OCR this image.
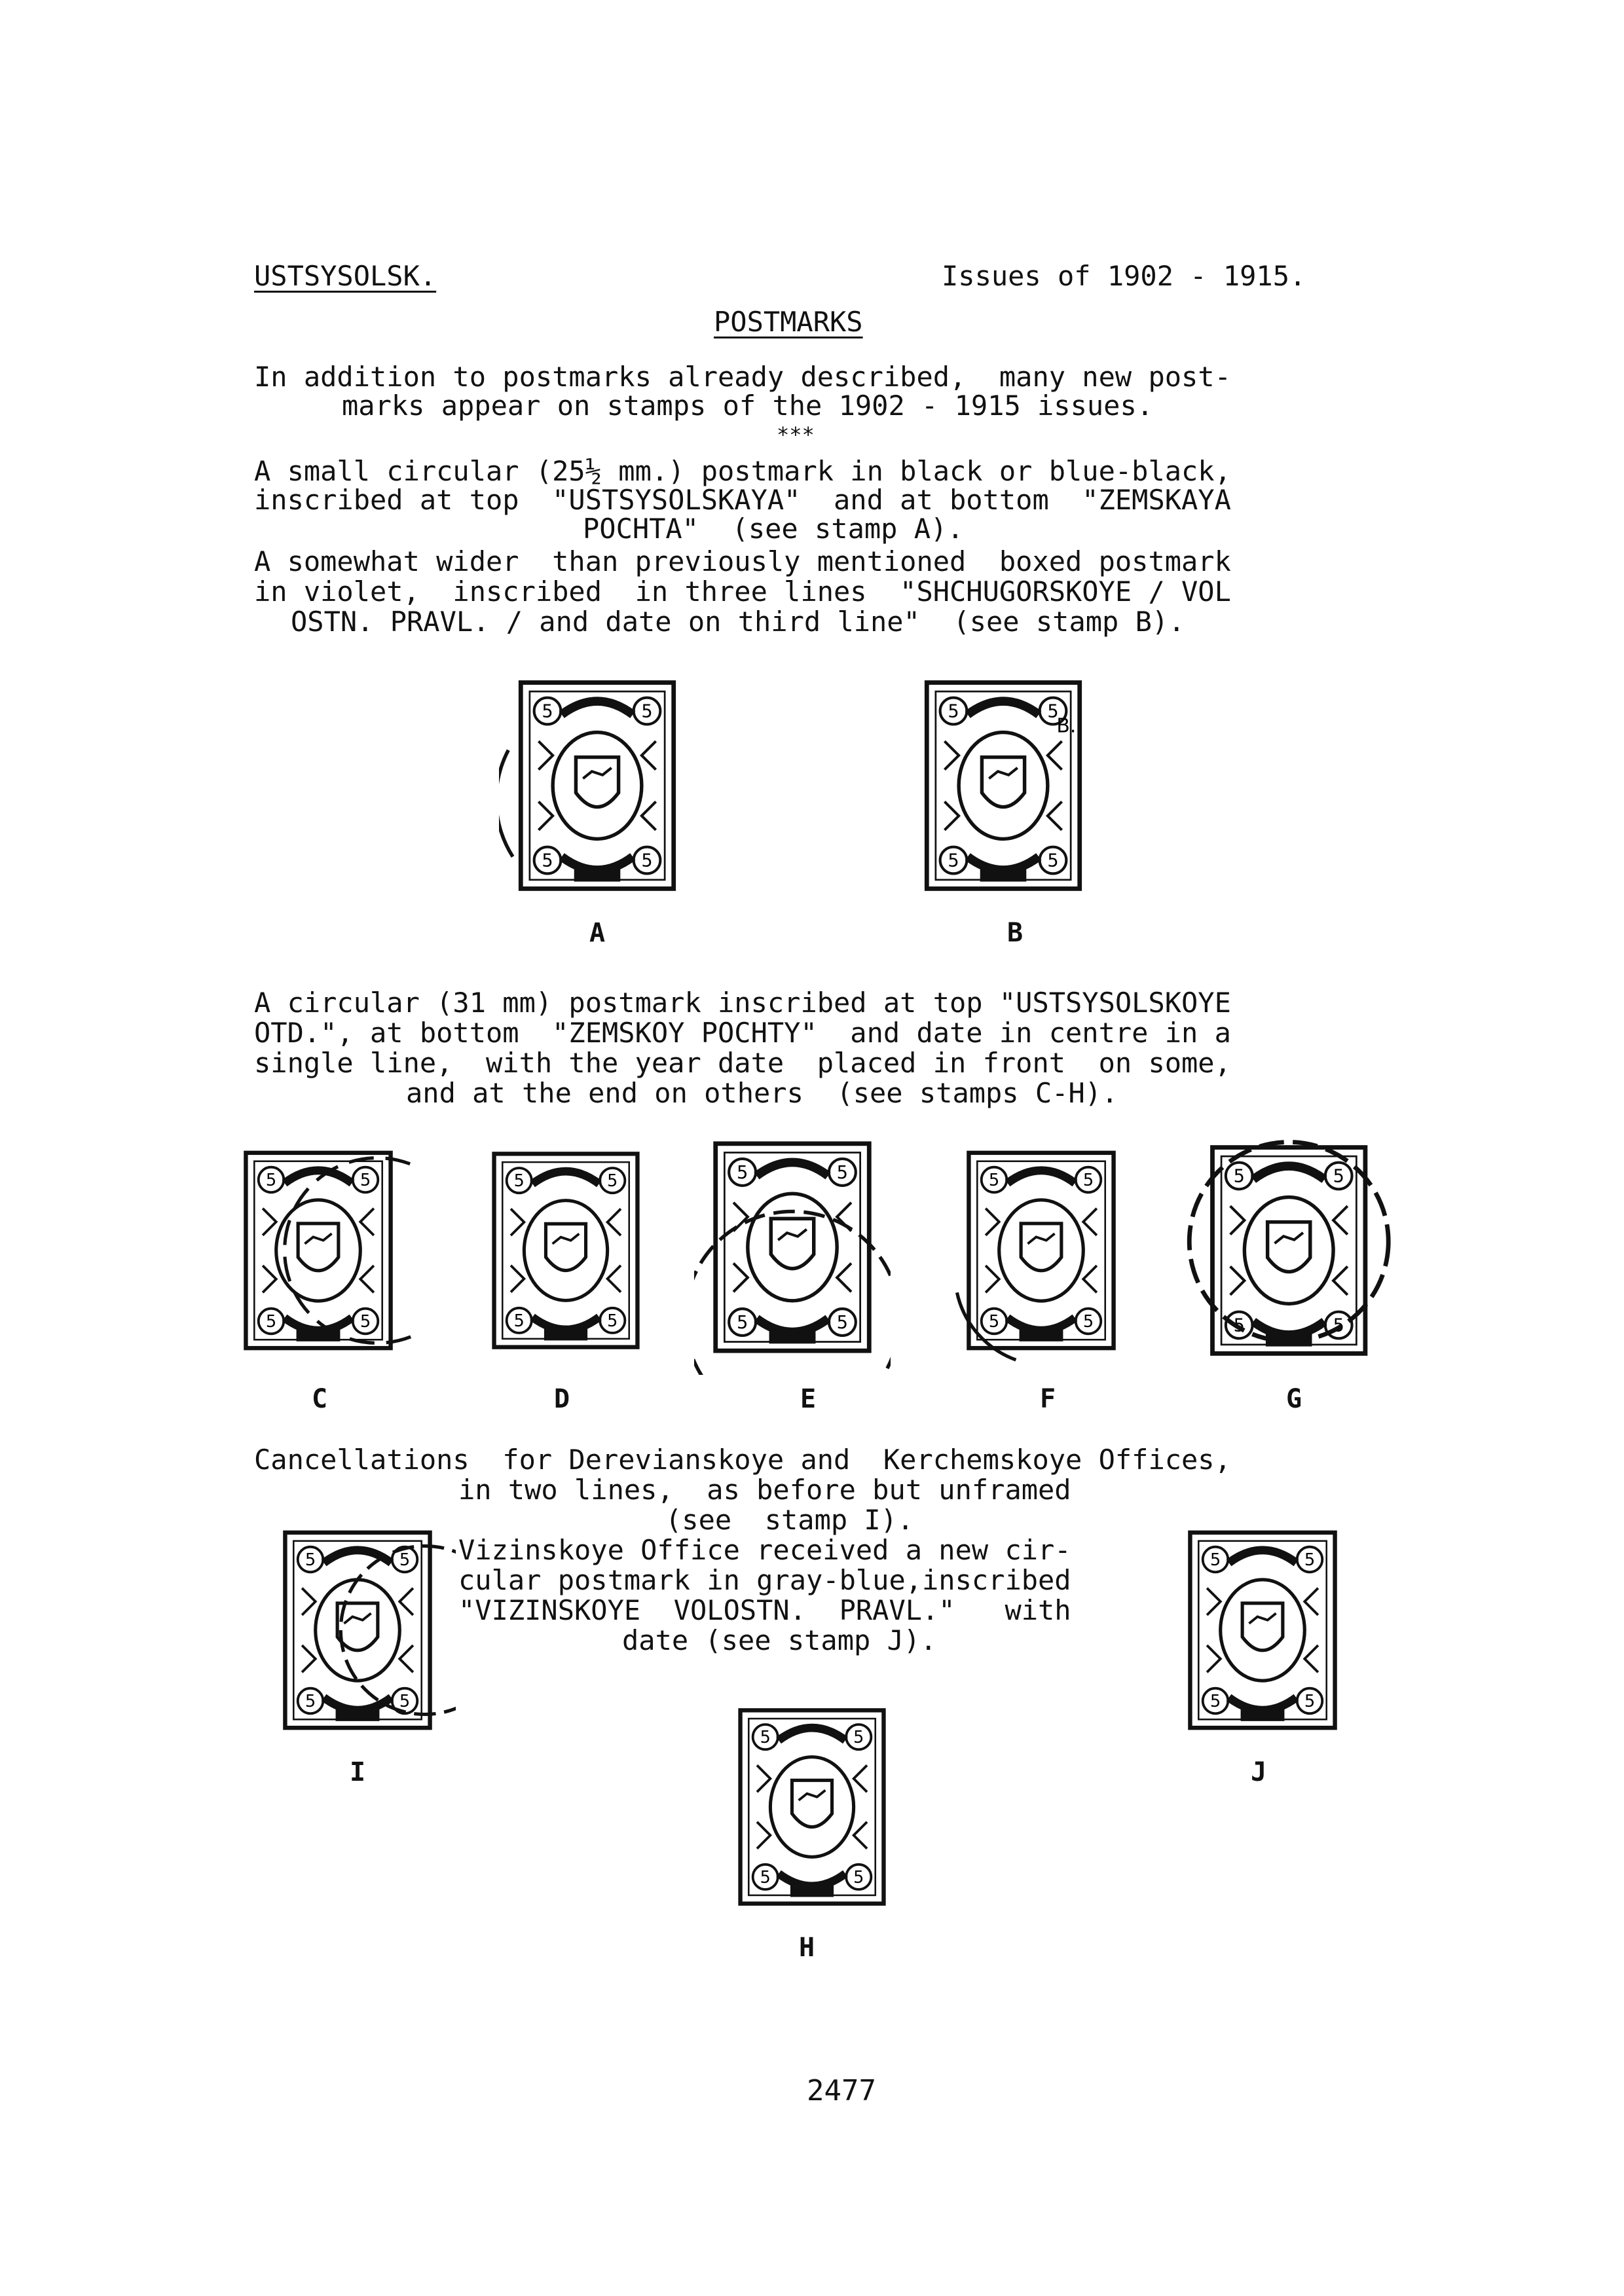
USTSYSOLSK.	Issues of 1902 - 1915.
POSTMARKS
In addition to postmarks already described,  many new post-
marks appear on stamps of the 1902 - 1915 issues.
***
A small circular (25½ mm.) postmark in black or blue-black,
inscribed at top  "USTSYSOLSKAYA"  and at bottom  "ZEMSKAYA
POCHTA"  (see stamp A).
A somewhat wider  than previously mentioned  boxed postmark
in violet,  inscribed  in three lines  "SHCHUGORSKOYE / VOL
OSTN. PRAVL. / and date on third line"  (see stamp B).
B.
A	B
A circular (31 mm) postmark inscribed at top "USTSYSOLSKOYE
OTD.", at bottom  "ZEMSKOY POCHTY"  and date in centre in a
single line,  with the year date  placed in front  on some,
and at the end on others  (see stamps C-H).
C	D	E	F	G
Cancellations  for Derevianskoye and  Kerchemskoye Offices,
in two lines,  as before but unframed
(see  stamp I).
Vizinskoye Office received a new cir-
cular postmark in gray-blue,inscribed
"VIZINSKOYE  VOLOSTN.  PRAVL."   with
date (see stamp J).
I	J
H
2477
